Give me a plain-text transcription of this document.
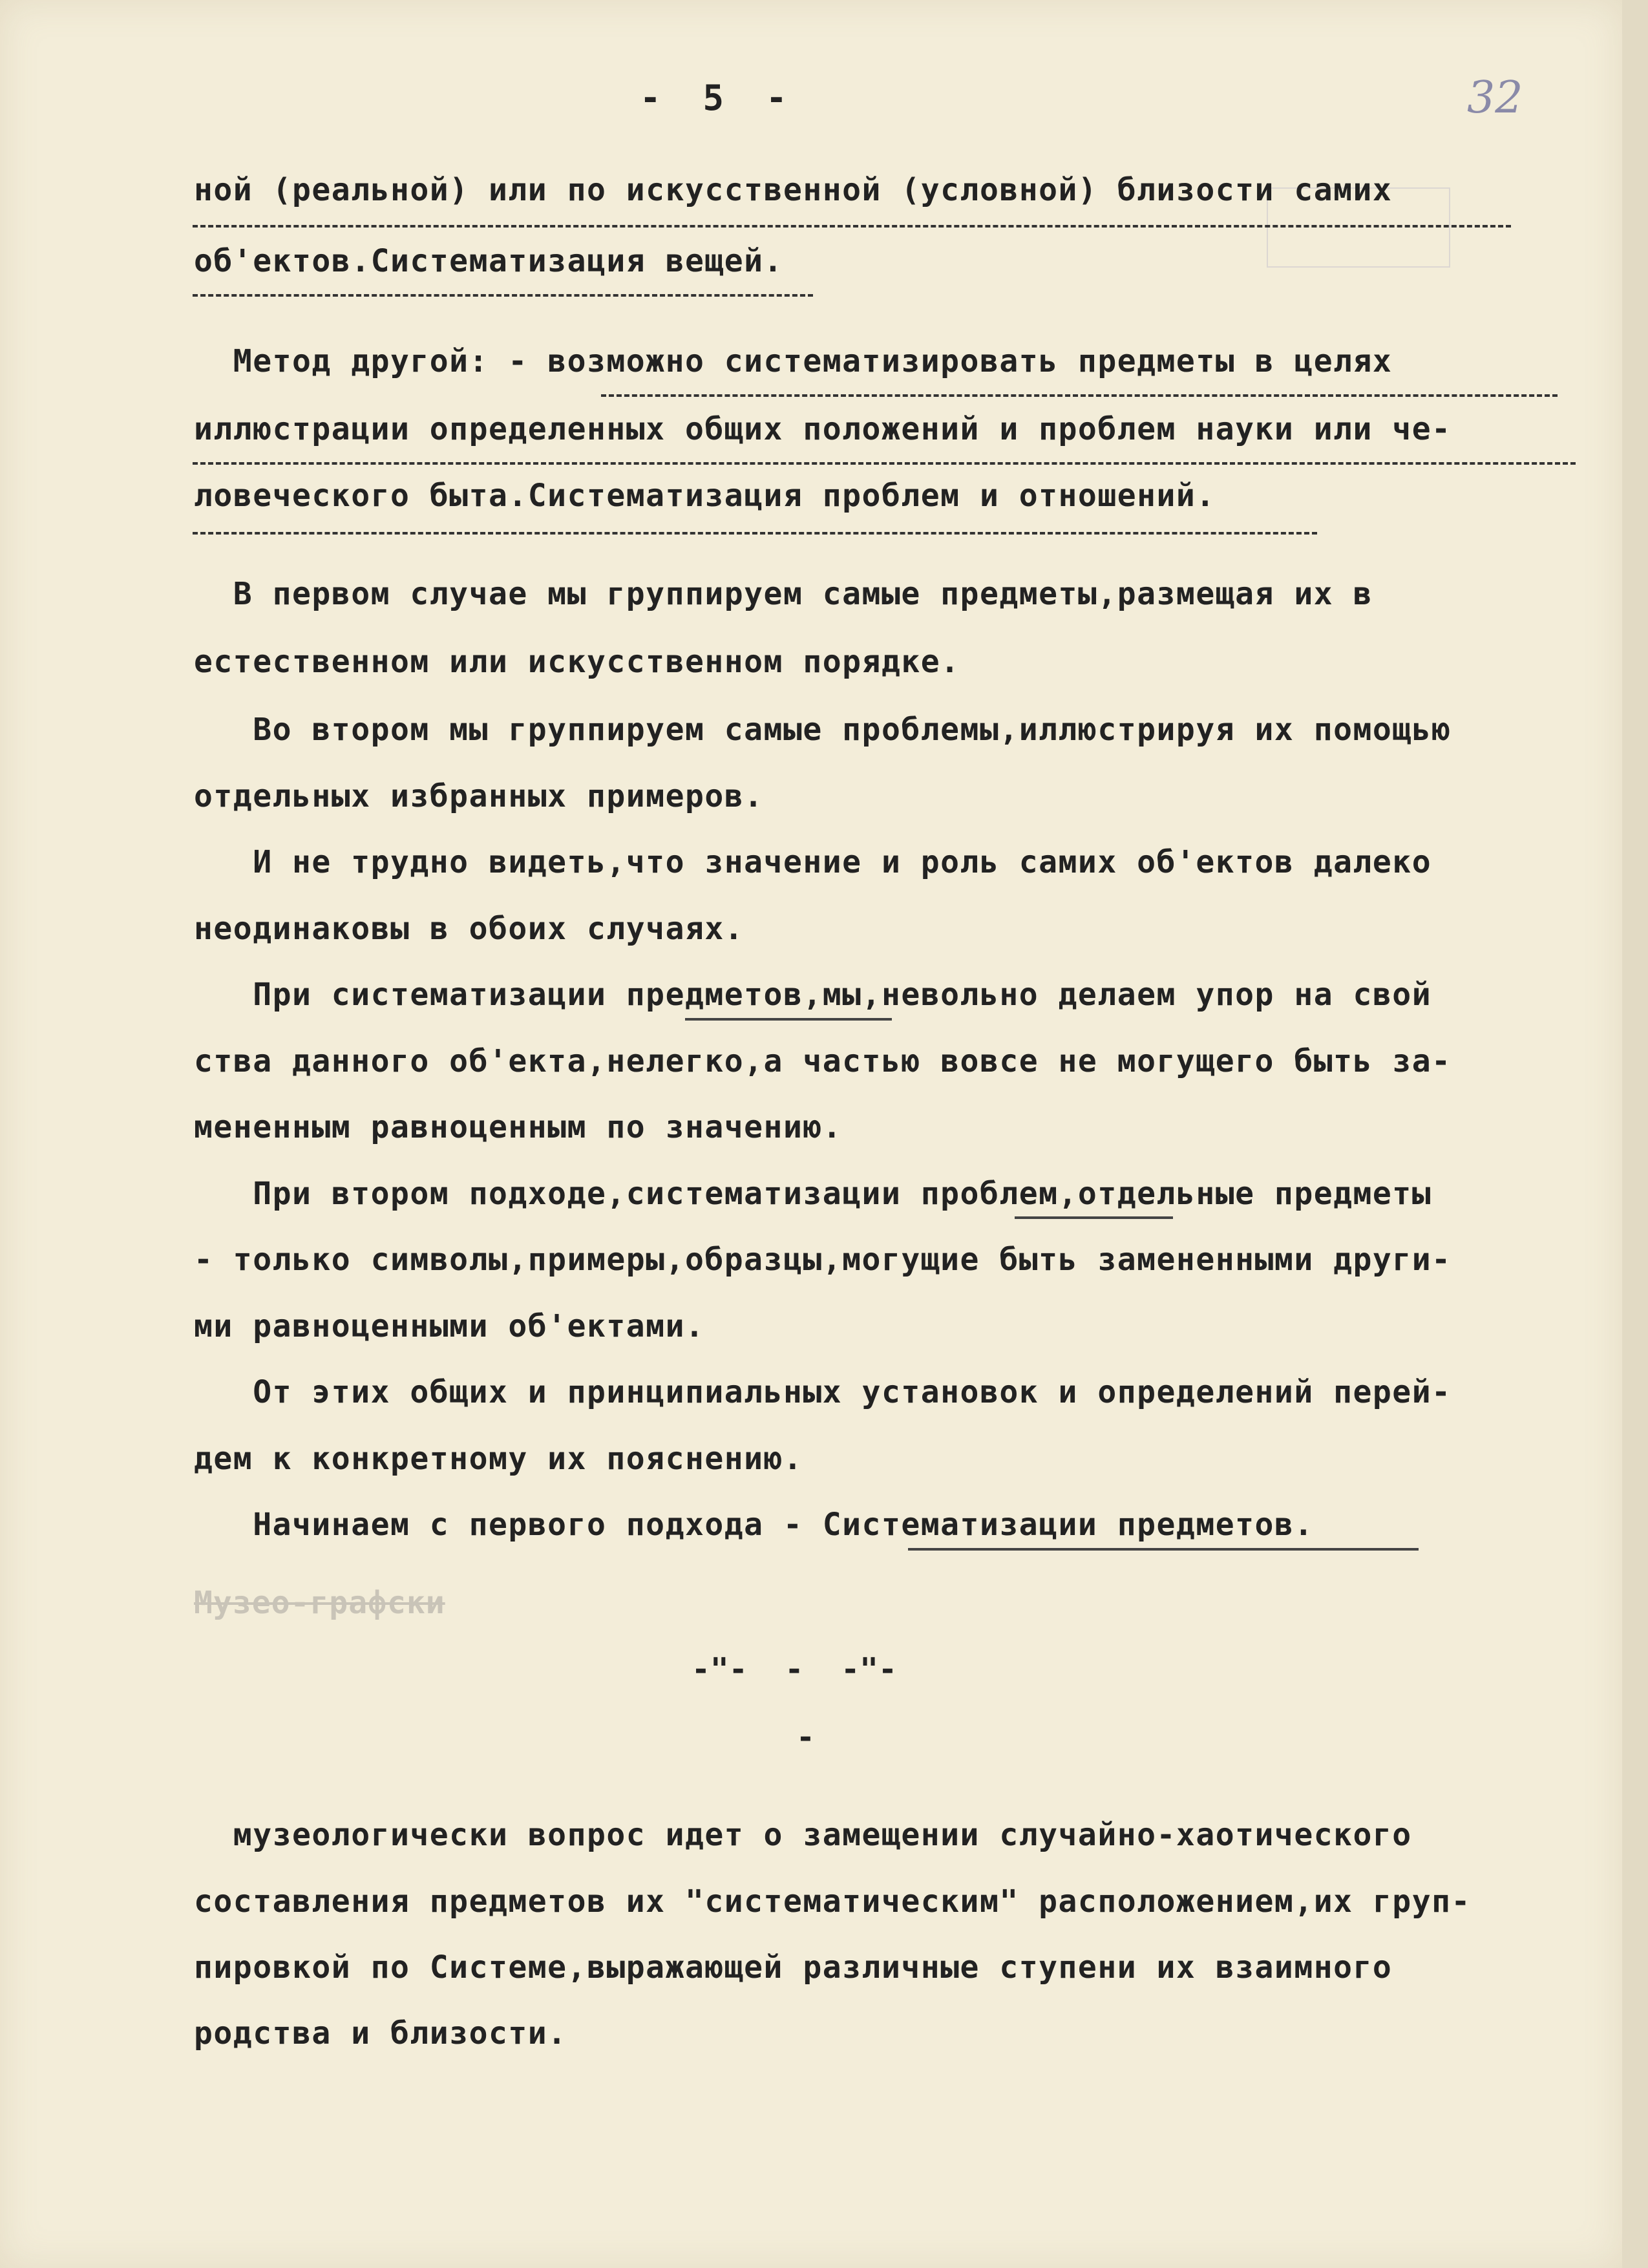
-  5  -	32
ной (реальной) или по искусственной (условной) близости самих
об'ектов.Систематизация вещей.
Метод другой: - возможно систематизировать предметы в целях
иллюстрации определенных общих положений и проблем науки или че-
ловеческого быта.Систематизация проблем и отношений.
В первом случае мы группируем самые предметы,размещая их в
естественном или искусственном порядке.
Во втором мы группируем самые проблемы,иллюстрируя их помощью
отдельных избранных примеров.
И не трудно видеть,что значение и роль самих об'ектов далеко
неодинаковы в обоих случаях.
При систематизации предметов,мы,невольно делаем упор на свой
ства данного об'екта,нелегко,а частью вовсе не могущего быть за-
мененным равноценным по значению.
При втором подходе,систематизации проблем,отдельные предметы
- только символы,примеры,образцы,могущие быть замененными други-
ми равноценными об'ектами.
От этих общих и принципиальных установок и определений перей-
дем к конкретному их пояснению.
Начинаем с первого подхода - Систематизации предметов.
Музео-графски
-"-  -  -"-
-
музеологически вопрос идет о замещении случайно-хаотического
составления предметов их "систематическим" расположением,их груп-
пировкой по Системе,выражающей различные ступени их взаимного
родства и близости.
